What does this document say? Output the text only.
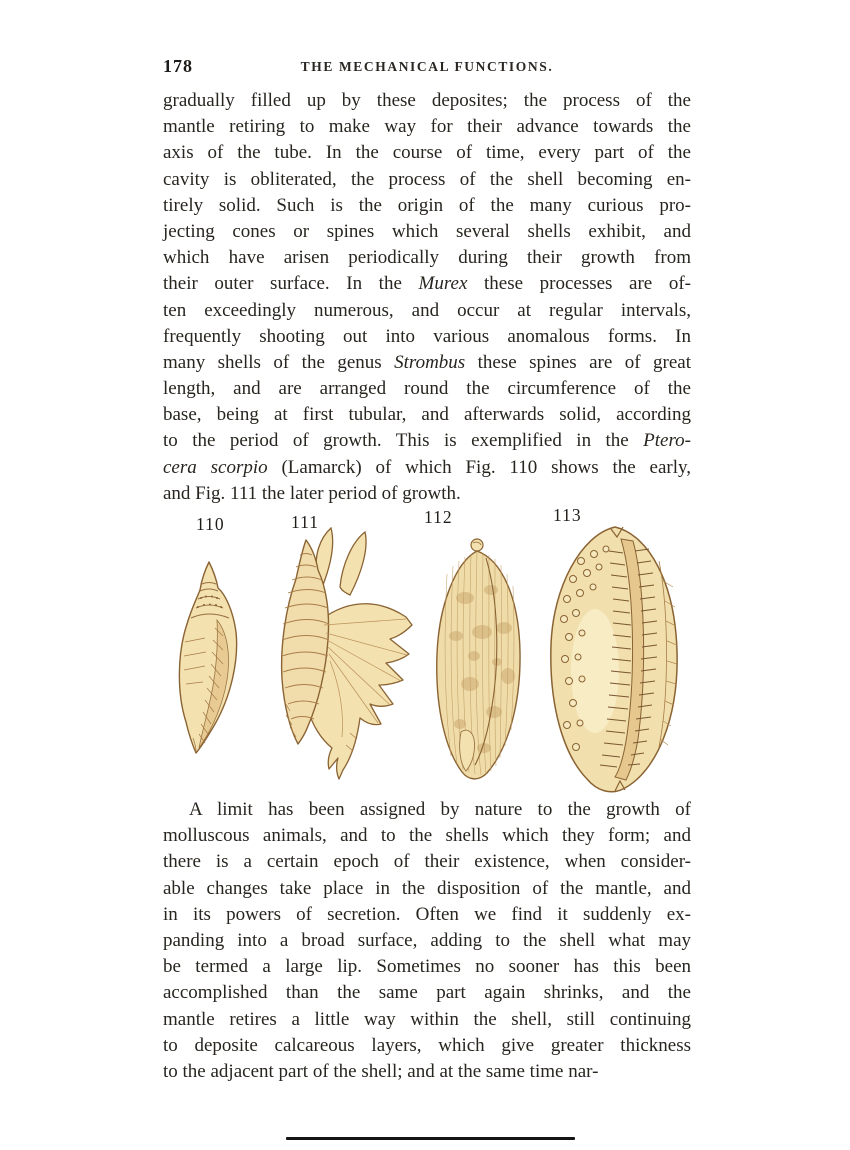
178	THE MECHANICAL FUNCTIONS.
gradually filled up by these deposites; the process of the
mantle retiring to make way for their advance towards the
axis of the tube. In the course of time, every part of the
cavity is obliterated, the process of the shell becoming en-
tirely solid. Such is the origin of the many curious pro-
jecting cones or spines which several shells exhibit, and
which have arisen periodically during their growth from
their outer surface. In the Murex these processes are of-
ten exceedingly numerous, and occur at regular intervals,
frequently shooting out into various anomalous forms. In
many shells of the genus Strombus these spines are of great
length, and are arranged round the circumference of the
base, being at first tubular, and afterwards solid, according
to the period of growth. This is exemplified in the Ptero-
cera scorpio (Lamarck) of which Fig. 110 shows the early,
and Fig. 111 the later period of growth.
110	111	112	113
A limit has been assigned by nature to the growth of
molluscous animals, and to the shells which they form; and
there is a certain epoch of their existence, when consider-
able changes take place in the disposition of the mantle, and
in its powers of secretion. Often we find it suddenly ex-
panding into a broad surface, adding to the shell what may
be termed a large lip. Sometimes no sooner has this been
accomplished than the same part again shrinks, and the
mantle retires a little way within the shell, still continuing
to deposite calcareous layers, which give greater thickness
to the adjacent part of the shell; and at the same time nar-
